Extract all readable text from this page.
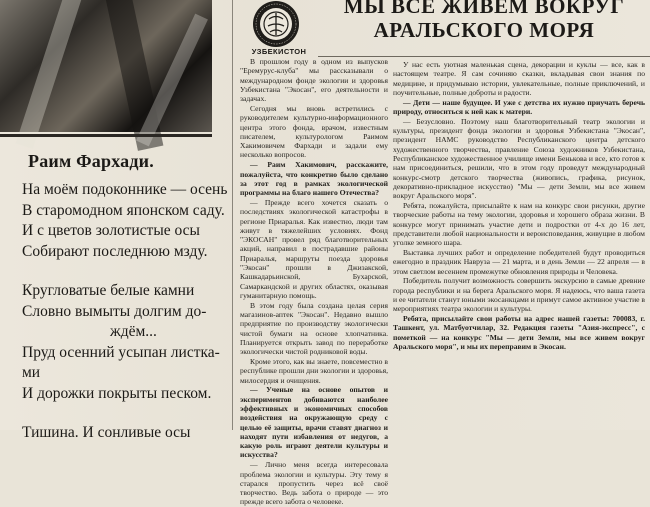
Раим Фархади.
На моём подоконнике — осень
В старомодном японском саду.
И с цветов золотистые осы
Собирают последнюю мзду.
Кругловатые белые камни
Словно вымыты долгим до-
ждём...
Пруд осенний усыпан листка-
ми
И дорожки покрыты песком.
Тишина. И сонливые осы
УЗБЕКИСТОН
МЫ ВСЕ ЖИВЕМ ВОКРУГ
АРАЛЬСКОГО МОРЯ

В прошлом году в одном из выпусков "Еремурус-клуба" мы рассказывали о международном фонде экологии и здоровья Узбекистана "Экосан", его деятельности и задачах.

Сегодня мы вновь встретились с руководителем культурно-информационного центра этого фонда, врачом, известным писателем, культурологом Раимом Хакимовичем Фархади и задали ему несколько вопросов.

— Раим Хакимович, расскажите, пожалуйста, что конкретно было сделано за этот год в рамках экологической программы на благо нашего Отечества?

— Прежде всего хочется сказать о последствиях экологической катастрофы в регионе Приаралья. Как известно, люди там живут в тяжелейших условиях. Фонд "ЭКОСАН" провел ряд благотворительных акций, направил в пострадавшие районы Приаралья, маршруты поезда здоровья "Экосан" прошли в Джизакской, Кашкадарьинской, Бухарской, Самаркандской и других областях, оказывая гуманитарную помощь.

В этом году была создана целая серия магазинов-аптек "Экосан". Недавно вышло предприятие по производству экологически чистой бумаги на основе хлопчатника. Планируется открыть завод по переработке экологически чистой родниковой воды.

Кроме этого, как вы знаете, повсеместно в республике прошли дни экологии и здоровья, милосердия и очищения.

— Ученые на основе опытов и экспериментов добиваются наиболее эффективных и экономичных способов воздействия на окружающую среду с целью её защиты, врачи ставят диагноз и находят пути избавления от недугов, а какую роль играют деятели культуры и искусства?

— Лично меня всегда интересовала проблема экологии и культуры. Эту тему я старался пропустить через всё своё творчество. Ведь забота о природе — это прежде всего забота о человеке.

У нас есть уютная маленькая сцена, декорации и куклы — все, как в настоящем театре. Я сам сочиняю сказки, вкладывая свои знания по медицине, и придумываю истории, увлекательные, полные приключений, и поучительные, полные доброты и радости.

— Дети — наше будущее. И уже с детства их нужно приучать беречь природу, относиться к ней как к матери.

— Безусловно. Поэтому наш благотворительный театр экологии и культуры, президент фонда экологии и здоровья Узбекистана "Экосан", президент НАМС руководство Республиканского центра детского художественного творчества, правление Союза художников Узбекистана, Республиканское художественное училище имени Бенькова и все, кто готов к нам присоединиться, решили, что в этом году проведут международный конкурс-смотр детского творчества (живопись, графика, рисунок, декоративно-прикладное искусство) "Мы — дети Земли, мы все живем вокруг Аральского моря".

Ребята, пожалуйста, присылайте к нам на конкурс свои рисунки, другие творческие работы на тему экологии, здоровья и хорошего образа жизни. В конкурсе могут принимать участие дети и подростки от 4-х до 16 лет, представители любой национальности и вероисповедания, живущие в любом уголке земного шара.

Выставка лучших работ и определение победителей будут проводиться ежегодно в праздник Навруза — 21 марта, и в день Земли — 22 апреля — в этом светлом весеннем промежутке обновления природы и Человека.

Победитель получит возможность совершить экскурсию в самые древние города республики и на берега Аральского моря. Я надеюсь, что ваша газета и ее читатели станут юными экосанкцами и примут самое активное участие в мероприятиях театра экологии и культуры.

Ребята, присылайте свои работы на адрес нашей газеты: 700083, г. Ташкент, ул. Матбуотчилар, 32. Редакция газеты "Азия-экспресс", с пометкой — на конкурс "Мы — дети Земли, мы все живем вокруг Аральского моря", и мы их переправим в Экосан.
